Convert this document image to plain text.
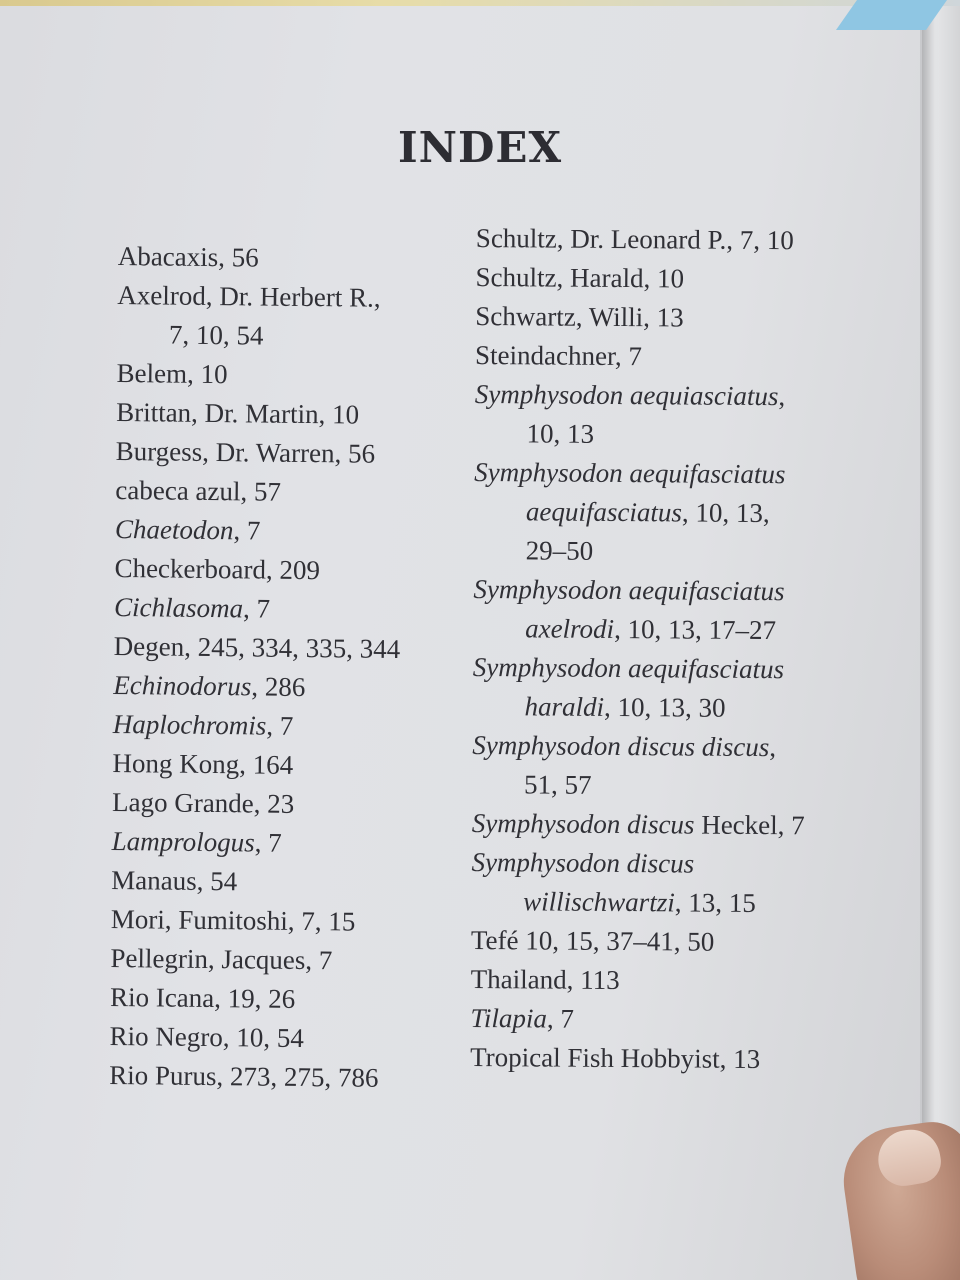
INDEX
Abacaxis, 56
Axelrod, Dr. Herbert R.,
7, 10, 54
Belem, 10
Brittan, Dr. Martin, 10
Burgess, Dr. Warren, 56
cabeca azul, 57
Chaetodon, 7
Checkerboard, 209
Cichlasoma, 7
Degen, 245, 334, 335, 344
Echinodorus, 286
Haplochromis, 7
Hong Kong, 164
Lago Grande, 23
Lamprologus, 7
Manaus, 54
Mori, Fumitoshi, 7, 15
Pellegrin, Jacques, 7
Rio Icana, 19, 26
Rio Negro, 10, 54
Rio Purus, 273, 275, 786
Schultz, Dr. Leonard P., 7, 10
Schultz, Harald, 10
Schwartz, Willi, 13
Steindachner, 7
Symphysodon aequiasciatus,
10, 13
Symphysodon aequifasciatus
aequifasciatus, 10, 13,
29–50
Symphysodon aequifasciatus
axelrodi, 10, 13, 17–27
Symphysodon aequifasciatus
haraldi, 10, 13, 30
Symphysodon discus discus,
51, 57
Symphysodon discus Heckel, 7
Symphysodon discus
willischwartzi, 13, 15
Tefé 10, 15, 37–41, 50
Thailand, 113
Tilapia, 7
Tropical Fish Hobbyist, 13
